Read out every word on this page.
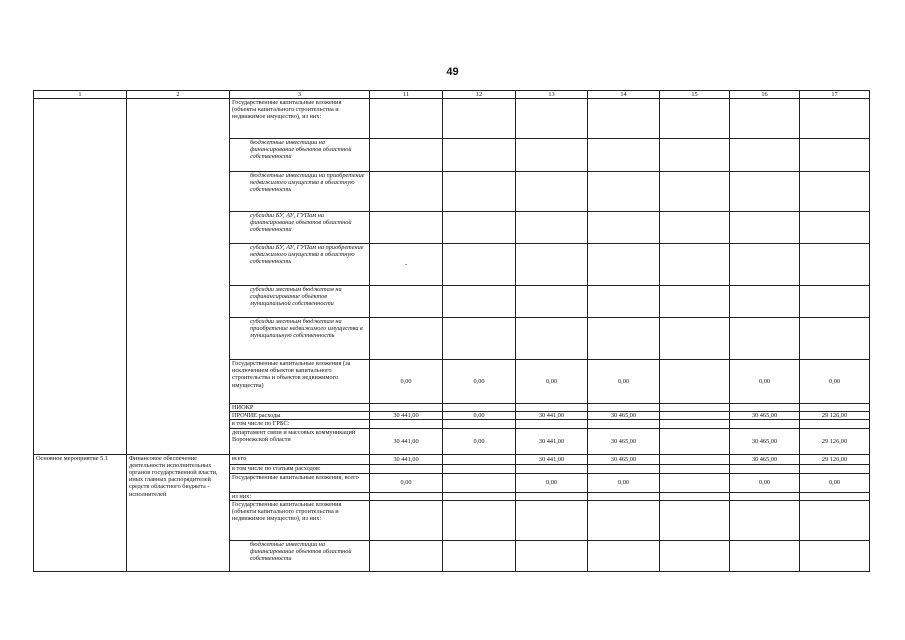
49
1	2	3	11	12	13	14	15	16	17
		Государственные капитальные вложения (объекты капитального строительства и недвижимое имущество), из них:							
		бюджетные инвестиции на финансирование объектов областной собственности							
		бюджетные инвестиции на приобретение недвижимого имущества в областную собственность							
		субсидии БУ, АУ, ГУПам на финансирование объектов областной собственности							
		субсидии БУ, АУ, ГУПам на приобретение недвижимого имущества в областную собственность	-						
		субсидии местным бюджетам на софинансирование объектов муниципальной собственности							
		субсидии местным бюджетам на приобретение недвижимого имущества в муниципальную собственность							
		Государственные капитальные вложения (за исключением объектов капитального строительства и объектов недвижимого имущества)	0,00	0,00	0,00	0,00		0,00	0,00
		НИОКР							
		ПРОЧИЕ расходы	30 441,00	0,00	30 441,00	30 465,00		30 465,00	29 126,00
		в том числе по ГРБС:							
		департамент связи и массовых коммуникаций Воронежской области	30 441,00	0,00	30 441,00	30 465,00		30 465,00	29 126,00
Основное мероприятие 5.1	Финансовое обеспечение деятельности исполнительных органов государственной власти, иных главных распорядителей средств областного бюджета - исполнителей	всего	30 441,00		30 441,00	30 465,00		30 465,00	29 126,00
		в том числе по статьям расходов:							
		Государственные капитальные вложения, всего	0,00		0,00	0,00		0,00	0,00
		из них:							
		Государственные капитальные вложения (объекты капитального строительства и недвижимое имущество), из них:							
		бюджетные инвестиции на финансирование объектов областной собственности							
